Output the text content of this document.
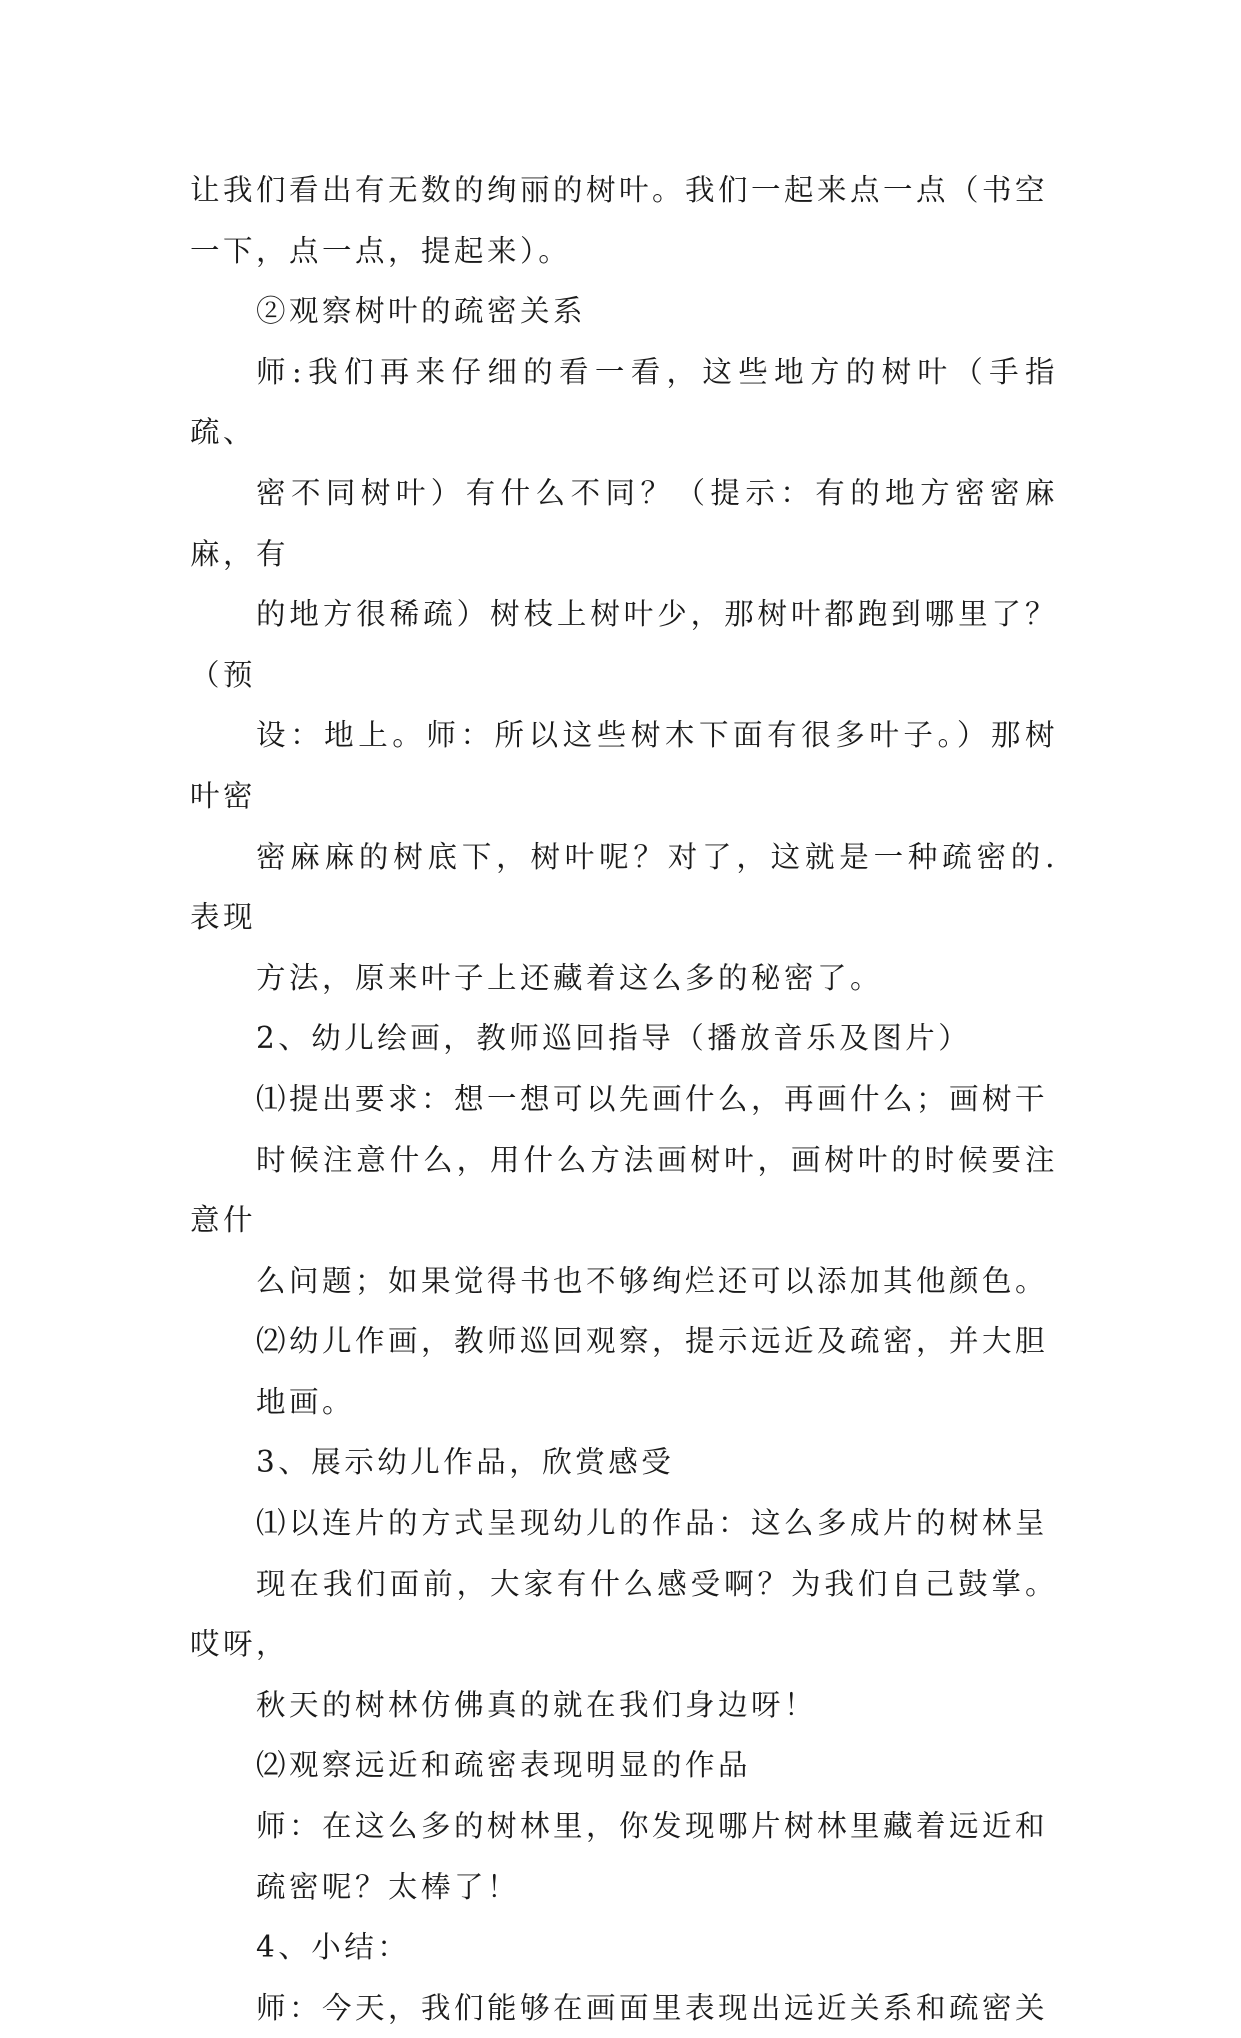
让我们看出有无数的绚丽的树叶。我们一起来点一点（书空
一下，点一点，提起来）。

②观察树叶的疏密关系

师:我们再来仔细的看一看，这些地方的树叶（手指疏、
密不同树叶）有什么不同？（提示：有的地方密密麻麻，有
的地方很稀疏）树枝上树叶少，那树叶都跑到哪里了？（预
设：地上。师：所以这些树木下面有很多叶子。）那树叶密
密麻麻的树底下，树叶呢？对了，这就是一种疏密的.表现
方法，原来叶子上还藏着这么多的秘密了。

2、幼儿绘画，教师巡回指导（播放音乐及图片）

⑴提出要求：想一想可以先画什么，再画什么；画树干
时候注意什么，用什么方法画树叶，画树叶的时候要注意什
么问题；如果觉得书也不够绚烂还可以添加其他颜色。

⑵幼儿作画，教师巡回观察，提示远近及疏密，并大胆
地画。

3、展示幼儿作品，欣赏感受

⑴以连片的方式呈现幼儿的作品：这么多成片的树林呈
现在我们面前，大家有什么感受啊？为我们自己鼓掌。哎呀，
秋天的树林仿佛真的就在我们身边呀！

⑵观察远近和疏密表现明显的作品

师：在这么多的树林里，你发现哪片树林里藏着远近和
疏密呢？太棒了！

4、小结：

师：今天，我们能够在画面里表现出远近关系和疏密关
